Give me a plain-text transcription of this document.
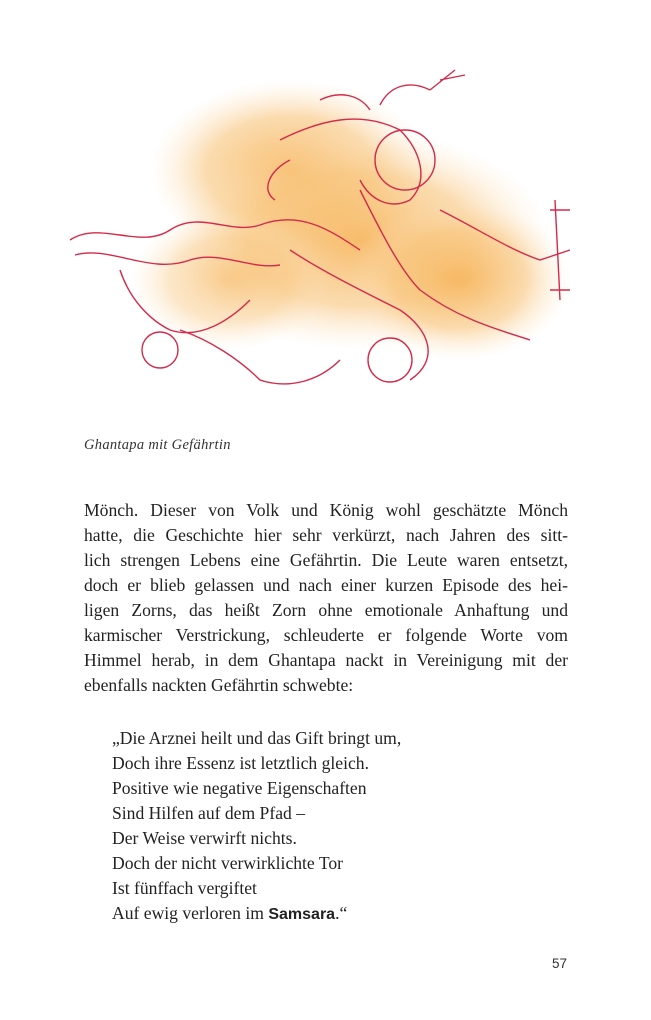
Ghantapa mit Gefährtin
Mönch. Dieser von Volk und König wohl geschätzte Mönch
hatte, die Geschichte hier sehr verkürzt, nach Jahren des sitt-
lich strengen Lebens eine Gefährtin. Die Leute waren entsetzt,
doch er blieb gelassen und nach einer kurzen Episode des hei-
ligen Zorns, das heißt Zorn ohne emotionale Anhaftung und
karmischer Verstrickung, schleuderte er folgende Worte vom
Himmel herab, in dem Ghantapa nackt in Vereinigung mit der
ebenfalls nackten Gefährtin schwebte:
„Die Arznei heilt und das Gift bringt um,
Doch ihre Essenz ist letztlich gleich.
Positive wie negative Eigenschaften
Sind Hilfen auf dem Pfad –
Der Weise verwirft nichts.
Doch der nicht verwirklichte Tor
Ist fünffach vergiftet
Auf ewig verloren im Samsara.“
57
